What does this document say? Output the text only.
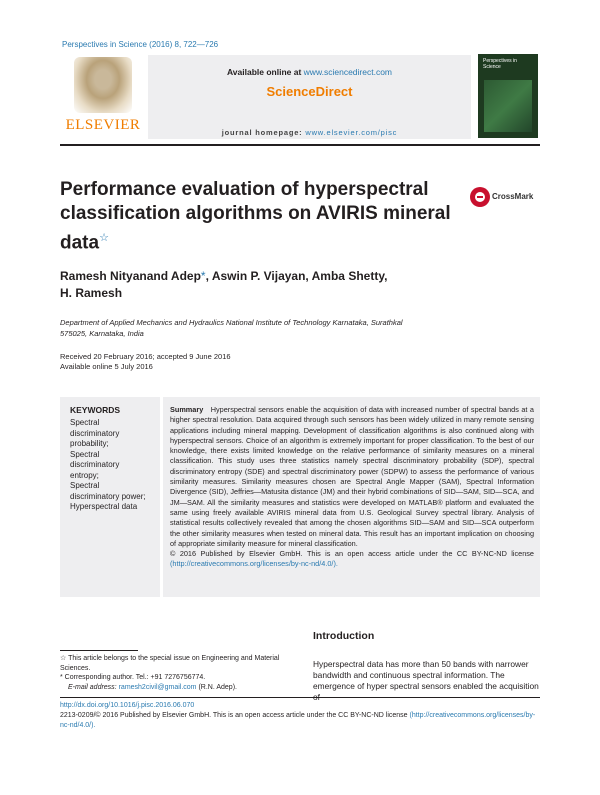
Perspectives in Science (2016) 8, 722—726
ELSEVIER
Available online at www.sciencedirect.com
ScienceDirect
journal homepage: www.elsevier.com/pisc
Perspectives in Science
Performance evaluation of hyperspectral classification algorithms on AVIRIS mineral data☆
CrossMark
Ramesh Nityanand Adep*, Aswin P. Vijayan, Amba Shetty,
H. Ramesh
Department of Applied Mechanics and Hydraulics National Institute of Technology Karnataka, Surathkal
575025, Karnataka, India
Received 20 February 2016; accepted 9 June 2016
Available online 5 July 2016
KEYWORDS
Spectral
discriminatory
probability;
Spectral
discriminatory
entropy;
Spectral
discriminatory power;
Hyperspectral data
Summary Hyperspectral sensors enable the acquisition of data with increased number of spectral bands at a higher spectral resolution. Data acquired through such sensors has been widely utilized in many remote sensing applications including mineral mapping. Development of classification algorithms is also continued along with hyperspectral sensors. Choice of an algorithm is extremely important for proper classification. To the best of our knowledge, there exists limited knowledge on the relative performance of similarity measures on a mineral classification. This study uses three statistics namely spectral discriminatory probability (SDP), spectral discriminatory entropy (SDE) and spectral discriminatory power (SDPW) to assess the performance of various similarity measures. Similarity measures chosen are Spectral Angle Mapper (SAM), Spectral Information Divergence (SID), Jeffries—Matusita distance (JM) and their hybrid combinations of SID—SAM, SID—SCA, and JM—SAM. All the similarity measures and statistics were developed on MATLAB® platform and evaluated the same using freely available AVIRIS mineral data from U.S. Geological Survey spectral library. Analysis of statistical results collectively revealed that among the chosen algorithms SID—SAM and SID—SCA outperform the other similarity measures when tested on mineral data. This result has an important implication on choosing of appropriate similarity measure for mineral classification.
© 2016 Published by Elsevier GmbH. This is an open access article under the CC BY-NC-ND license (http://creativecommons.org/licenses/by-nc-nd/4.0/).
Introduction
Hyperspectral data has more than 50 bands with narrower bandwidth and continuous spectral information. The emergence of hyper spectral sensors enabled the acquisition
☆ This article belongs to the special issue on Engineering and Material Sciences.
* Corresponding author. Tel.: +91 7276756774.
E-mail address: ramesh2civil@gmail.com (R.N. Adep).
http://dx.doi.org/10.1016/j.pisc.2016.06.070
2213-0209/© 2016 Published by Elsevier GmbH. This is an open access article under the CC BY-NC-ND license (http://creativecommons.org/licenses/by-nc-nd/4.0/).
